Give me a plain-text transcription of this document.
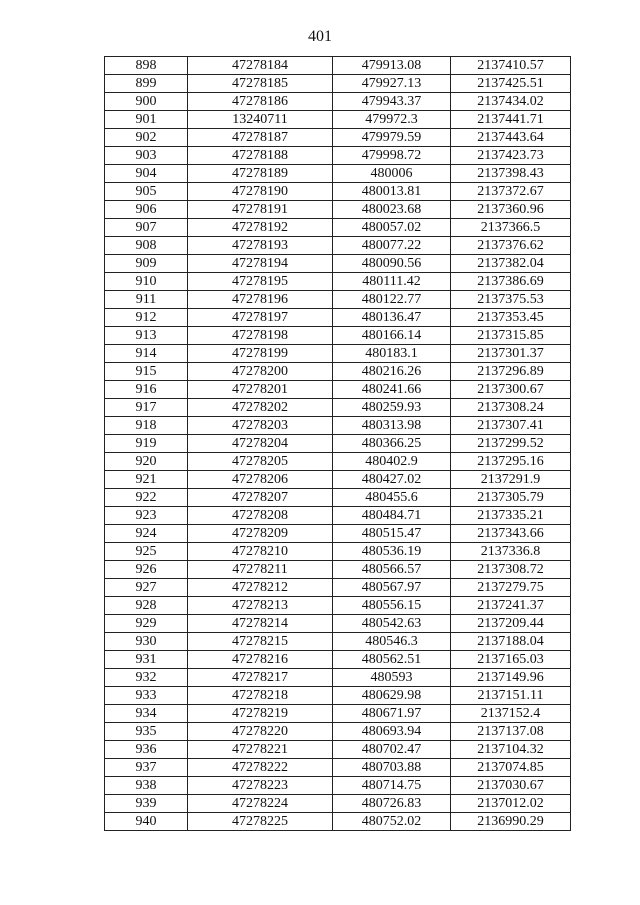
401
898	47278184	479913.08	2137410.57
899	47278185	479927.13	2137425.51
900	47278186	479943.37	2137434.02
901	13240711	479972.3	2137441.71
902	47278187	479979.59	2137443.64
903	47278188	479998.72	2137423.73
904	47278189	480006	2137398.43
905	47278190	480013.81	2137372.67
906	47278191	480023.68	2137360.96
907	47278192	480057.02	2137366.5
908	47278193	480077.22	2137376.62
909	47278194	480090.56	2137382.04
910	47278195	480111.42	2137386.69
911	47278196	480122.77	2137375.53
912	47278197	480136.47	2137353.45
913	47278198	480166.14	2137315.85
914	47278199	480183.1	2137301.37
915	47278200	480216.26	2137296.89
916	47278201	480241.66	2137300.67
917	47278202	480259.93	2137308.24
918	47278203	480313.98	2137307.41
919	47278204	480366.25	2137299.52
920	47278205	480402.9	2137295.16
921	47278206	480427.02	2137291.9
922	47278207	480455.6	2137305.79
923	47278208	480484.71	2137335.21
924	47278209	480515.47	2137343.66
925	47278210	480536.19	2137336.8
926	47278211	480566.57	2137308.72
927	47278212	480567.97	2137279.75
928	47278213	480556.15	2137241.37
929	47278214	480542.63	2137209.44
930	47278215	480546.3	2137188.04
931	47278216	480562.51	2137165.03
932	47278217	480593	2137149.96
933	47278218	480629.98	2137151.11
934	47278219	480671.97	2137152.4
935	47278220	480693.94	2137137.08
936	47278221	480702.47	2137104.32
937	47278222	480703.88	2137074.85
938	47278223	480714.75	2137030.67
939	47278224	480726.83	2137012.02
940	47278225	480752.02	2136990.29
